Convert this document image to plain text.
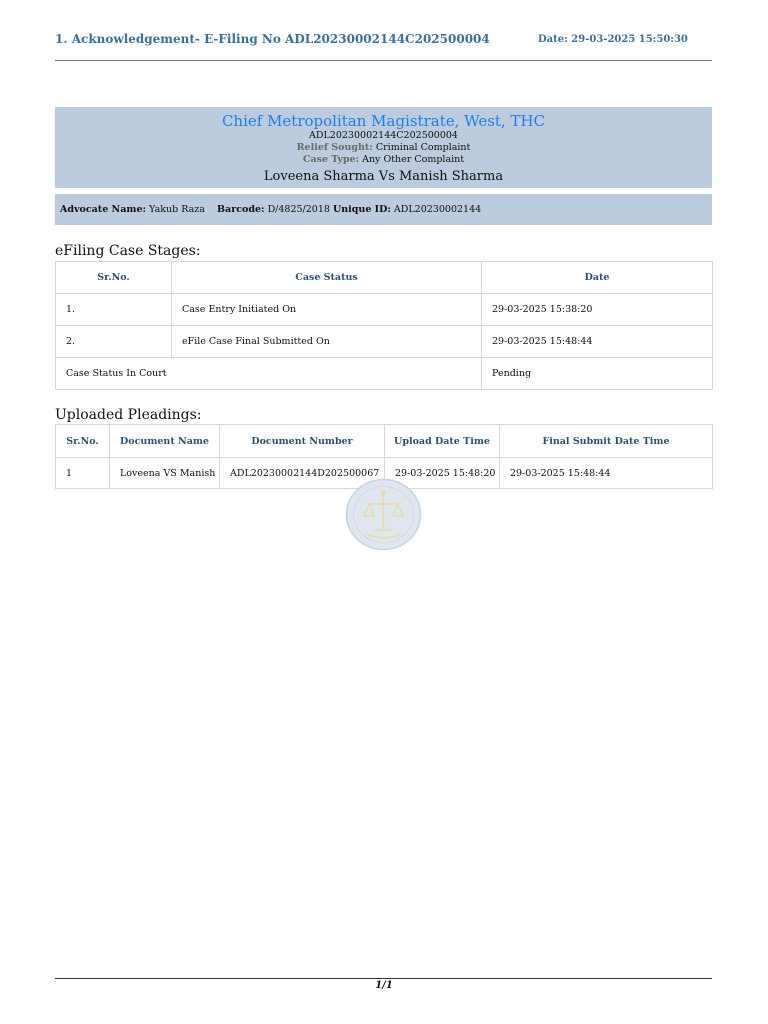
1. Acknowledgement- E-Filing No ADL20230002144C202500004	Date: 29-03-2025 15:50:30
Chief Metropolitan Magistrate, West, THC
ADL20230002144C202500004
Relief Sought: Criminal Complaint
Case Type: Any Other Complaint
Loveena Sharma Vs Manish Sharma
Advocate Name: Yakub Raza Barcode: D/4825/2018 Unique ID: ADL20230002144
eFiling Case Stages:
Sr.No.	Case Status	Date
1.	Case Entry Initiated On	29-03-2025 15:38:20
2.	eFile Case Final Submitted On	29-03-2025 15:48:44
Case Status In Court		Pending
Uploaded Pleadings:
Sr.No.	Document Name	Document Number	Upload Date Time	Final Submit Date Time
1	Loveena VS Manish	ADL20230002144D202500067	29-03-2025 15:48:20	29-03-2025 15:48:44
1/1
